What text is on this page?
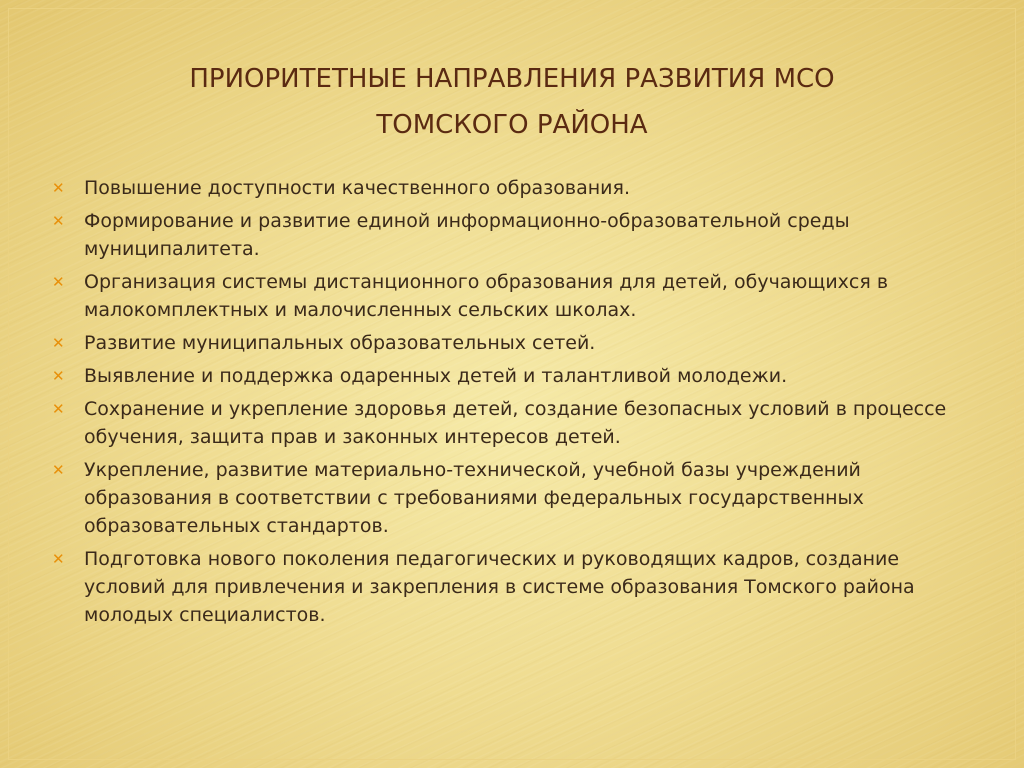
ПРИОРИТЕТНЫЕ НАПРАВЛЕНИЯ РАЗВИТИЯ МСО
ТОМСКОГО РАЙОНА
✕ Повышение доступности качественного образования.
✕ Формирование и развитие единой информационно-образовательной среды муниципалитета.
✕ Организация системы дистанционного образования для детей, обучающихся в малокомплектных и малочисленных сельских школах.
✕ Развитие муниципальных образовательных сетей.
✕ Выявление и поддержка одаренных детей и талантливой молодежи.
✕ Сохранение и укрепление здоровья детей, создание безопасных условий в процессе обучения, защита прав и законных интересов детей.
✕ Укрепление, развитие материально-технической, учебной базы учреждений образования в соответствии с требованиями федеральных государственных образовательных стандартов.
✕ Подготовка нового поколения педагогических и руководящих кадров, создание условий для привлечения и закрепления в системе образования Томского района молодых специалистов.
